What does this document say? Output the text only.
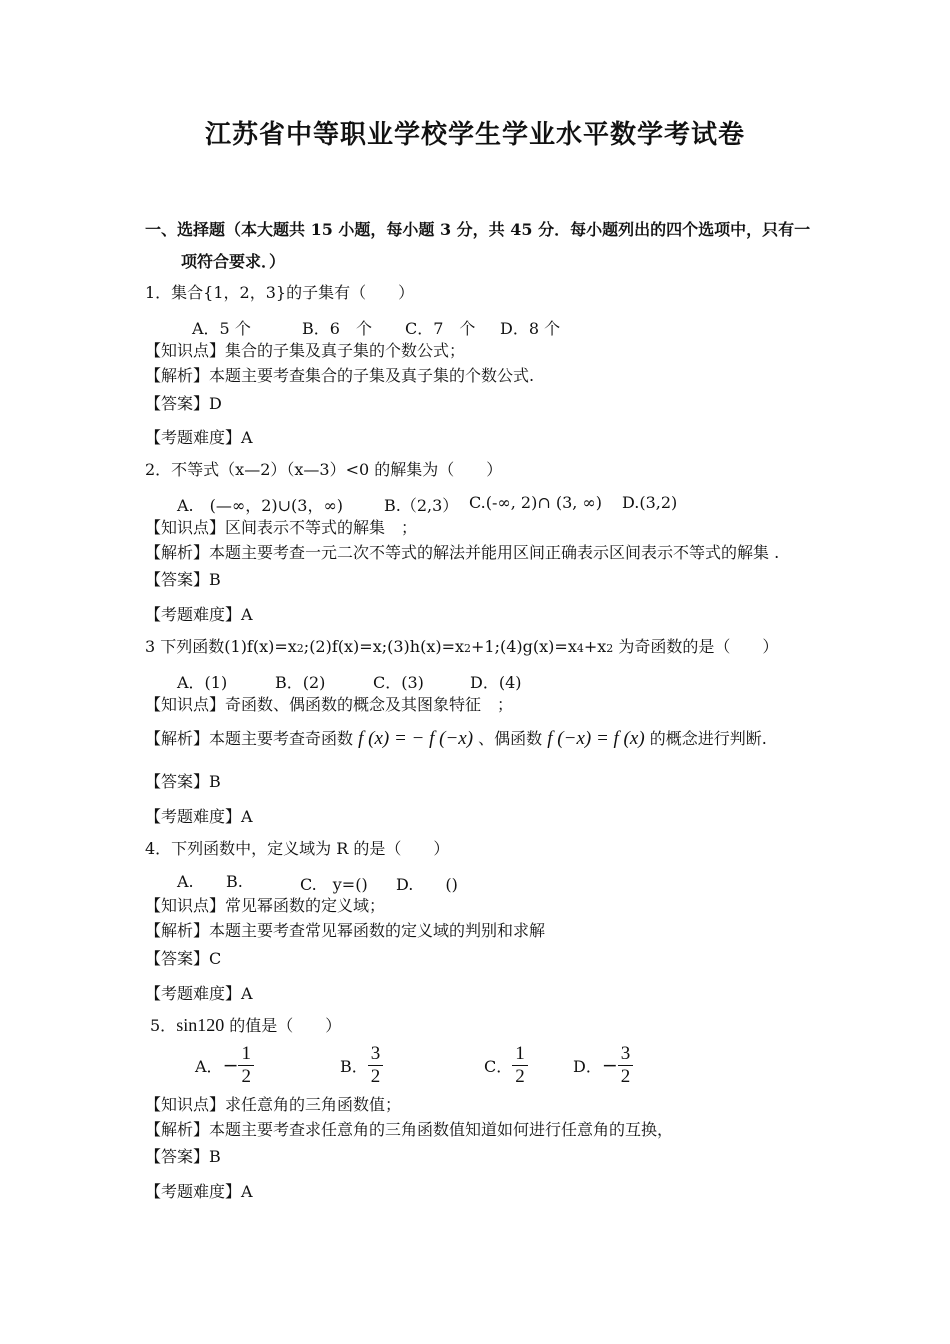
江苏省中等职业学校学生学业水平数学考试卷
一、选择题（本大题共 15 小题，每小题 3 分，共 45 分．每小题列出的四个选项中，只有一
项符合要求．）
1．集合{1，2，3}的子集有（　　）
A．5 个	B．6　个 C．7　个 D．8 个
【知识点】集合的子集及真子集的个数公式；
【解析】本题主要考查集合的子集及真子集的个数公式.
【答案】D
【考题难度】A
2．不等式（x—2）（x—3）<0 的解集为（　　）
A.　(—∞，2)∪(3，∞)	B.（2,3） C.(-∞, 2)∩ (3, ∞) D.(3,2)
【知识点】区间表示不等式的解集　；
【解析】本题主要考查一元二次不等式的解法并能用区间正确表示区间表示不等式的解集 .
【答案】B
【考题难度】A
3 下列函数(1)f(x)=x2;(2)f(x)=x;(3)h(x)=x2+1;(4)g(x)=x4+x2 为奇函数的是（　　）
A．(1)	B．(2)	C．(3)	D．(4)
【知识点】奇函数、偶函数的概念及其图象特征　；
【解析】本题主要考查奇函数 f (x) = − f (−x) 、偶函数 f (−x) = f (x) 的概念进行判断.
【答案】B
【考题难度】A
4．下列函数中，定义域为 R 的是（　　）
A. B.	C.　y=() D.　　()
【知识点】常见幂函数的定义域；
【解析】本题主要考查常见幂函数的定义域的判别和求解
【答案】C
【考题难度】A
5．sin120 的值是（　　）
A．− $\frac{1}{2}$	B． $\frac{3}{2}$	C． $\frac{1}{2}$	D．− $\frac{3}{2}$
【知识点】求任意角的三角函数值；
【解析】本题主要考查求任意角的三角函数值知道如何进行任意角的互换，
【答案】B
【考题难度】A
